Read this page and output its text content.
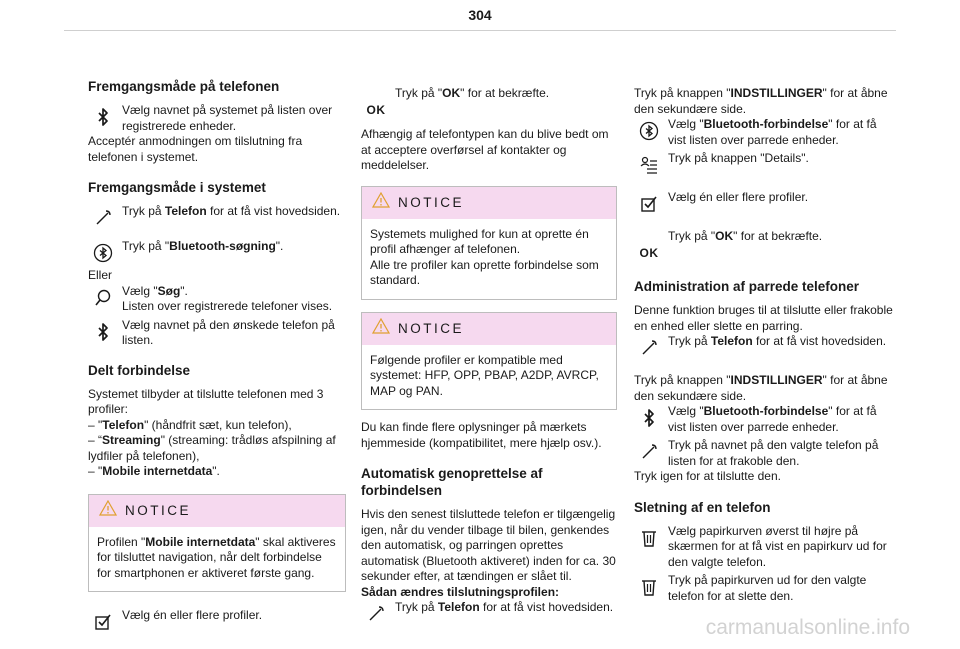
304
Fremgangsmåde på telefonen

Vælg navnet på systemet på listen over registrerede enheder.

Acceptér anmodningen om tilslutning fra telefonen i systemet.

Fremgangsmåde i systemet

Tryk på Telefon for at få vist hovedsiden.

Tryk på "Bluetooth-søgning".

Eller

Vælg "Søg".
Listen over registrerede telefoner vises.

Vælg navnet på den ønskede telefon på listen.

Delt forbindelse

Systemet tilbyder at tilslutte telefonen med 3 profiler:

– "Telefon" (håndfrit sæt, kun telefon),

– “Streaming" (streaming: trådløs afspilning af lydfiler på telefonen),

– "Mobile internetdata".

NOTICE

Profilen "Mobile internetdata" skal aktiveres for tilsluttet navigation, når delt forbindelse for smartphonen er aktiveret første gang.

Vælg én eller flere profiler.

OK

Tryk på "OK" for at bekræfte.

Afhængig af telefontypen kan du blive bedt om at acceptere overførsel af kontakter og meddelelser.

NOTICE

Systemets mulighed for kun at oprette én profil afhænger af telefonen.

Alle tre profiler kan oprette forbindelse som standard.

NOTICE

Følgende profiler er kompatible med systemet: HFP, OPP, PBAP, A2DP, AVRCP, MAP og PAN.

Du kan finde flere oplysninger på mærkets hjemmeside (kompatibilitet, mere hjælp osv.).

Automatisk genoprettelse af forbindelsen

Hvis den senest tilsluttede telefon er tilgængelig igen, når du vender tilbage til bilen, genkendes den automatisk, og parringen oprettes automatisk (Bluetooth aktiveret) inden for ca. 30 sekunder efter, at tændingen er slået til.

Sådan ændres tilslutningsprofilen:

Tryk på Telefon for at få vist hovedsiden.

Tryk på knappen "INDSTILLINGER" for at åbne den sekundære side.

Vælg "Bluetooth-forbindelse" for at få vist listen over parrede enheder.

Tryk på knappen "Details".

Vælg én eller flere profiler.

OK

Tryk på "OK" for at bekræfte.

Administration af parrede telefoner

Denne funktion bruges til at tilslutte eller frakoble en enhed eller slette en parring.

Tryk på Telefon for at få vist hovedsiden.

Tryk på knappen "INDSTILLINGER" for at åbne den sekundære side.

Vælg "Bluetooth-forbindelse" for at få vist listen over parrede enheder.

Tryk på navnet på den valgte telefon på listen for at frakoble den.

Tryk igen for at tilslutte den.

Sletning af en telefon

Vælg papirkurven øverst til højre på skærmen for at få vist en papirkurv ud for den valgte telefon.

Tryk på papirkurven ud for den valgte telefon for at slette den.

carmanualsonline.info
